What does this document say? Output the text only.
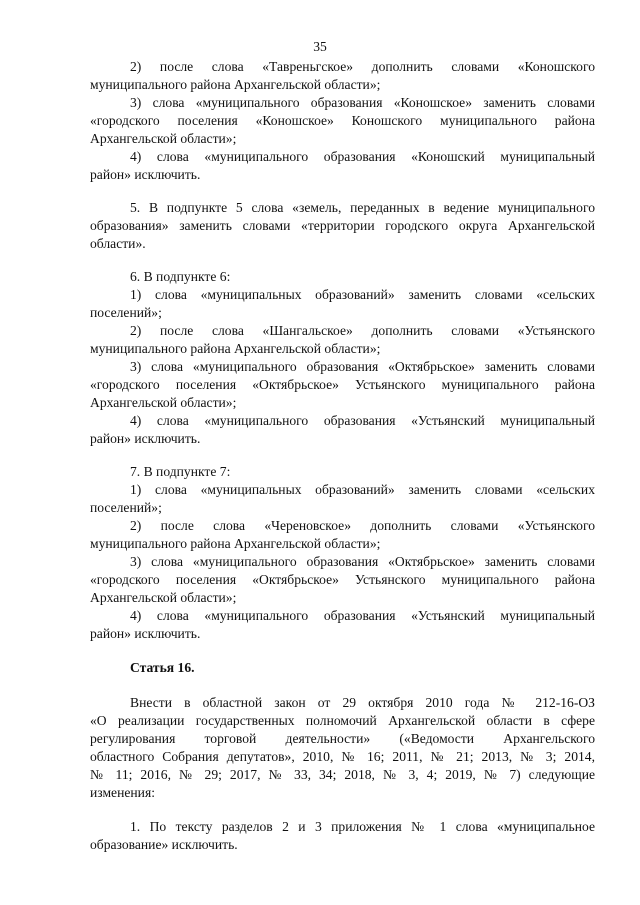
35
2) после слова «Тавреньгское» дополнить словами «Коношского
муниципального района Архангельской области»;
3) слова «муниципального образования «Коношское» заменить словами
«городского поселения «Коношское» Коношского муниципального района
Архангельской области»;
4) слова «муниципального образования «Коношский муниципальный
район» исключить.
5. В подпункте 5 слова «земель, переданных в ведение муниципального
образования» заменить словами «территории городского округа Архангельской
области».
6. В подпункте 6:
1) слова «муниципальных образований» заменить словами «сельских
поселений»;
2) после слова «Шангальское» дополнить словами «Устьянского
муниципального района Архангельской области»;
3) слова «муниципального образования «Октябрьское» заменить словами
«городского поселения «Октябрьское» Устьянского муниципального района
Архангельской области»;
4) слова «муниципального образования «Устьянский муниципальный
район» исключить.
7. В подпункте 7:
1) слова «муниципальных образований» заменить словами «сельских
поселений»;
2) после слова «Череновское» дополнить словами «Устьянского
муниципального района Архангельской области»;
3) слова «муниципального образования «Октябрьское» заменить словами
«городского поселения «Октябрьское» Устьянского муниципального района
Архангельской области»;
4) слова «муниципального образования «Устьянский муниципальный
район» исключить.
Статья 16.
Внести в областной закон от 29 октября 2010 года № 212-16-ОЗ
«О реализации государственных полномочий Архангельской области в сфере
регулирования торговой деятельности» («Ведомости Архангельского
областного Собрания депутатов», 2010, № 16; 2011, № 21; 2013, № 3; 2014,
№ 11; 2016, № 29; 2017, № 33, 34; 2018, № 3, 4; 2019, № 7) следующие
изменения:
1. По тексту разделов 2 и 3 приложения № 1 слова «муниципальное
образование» исключить.
